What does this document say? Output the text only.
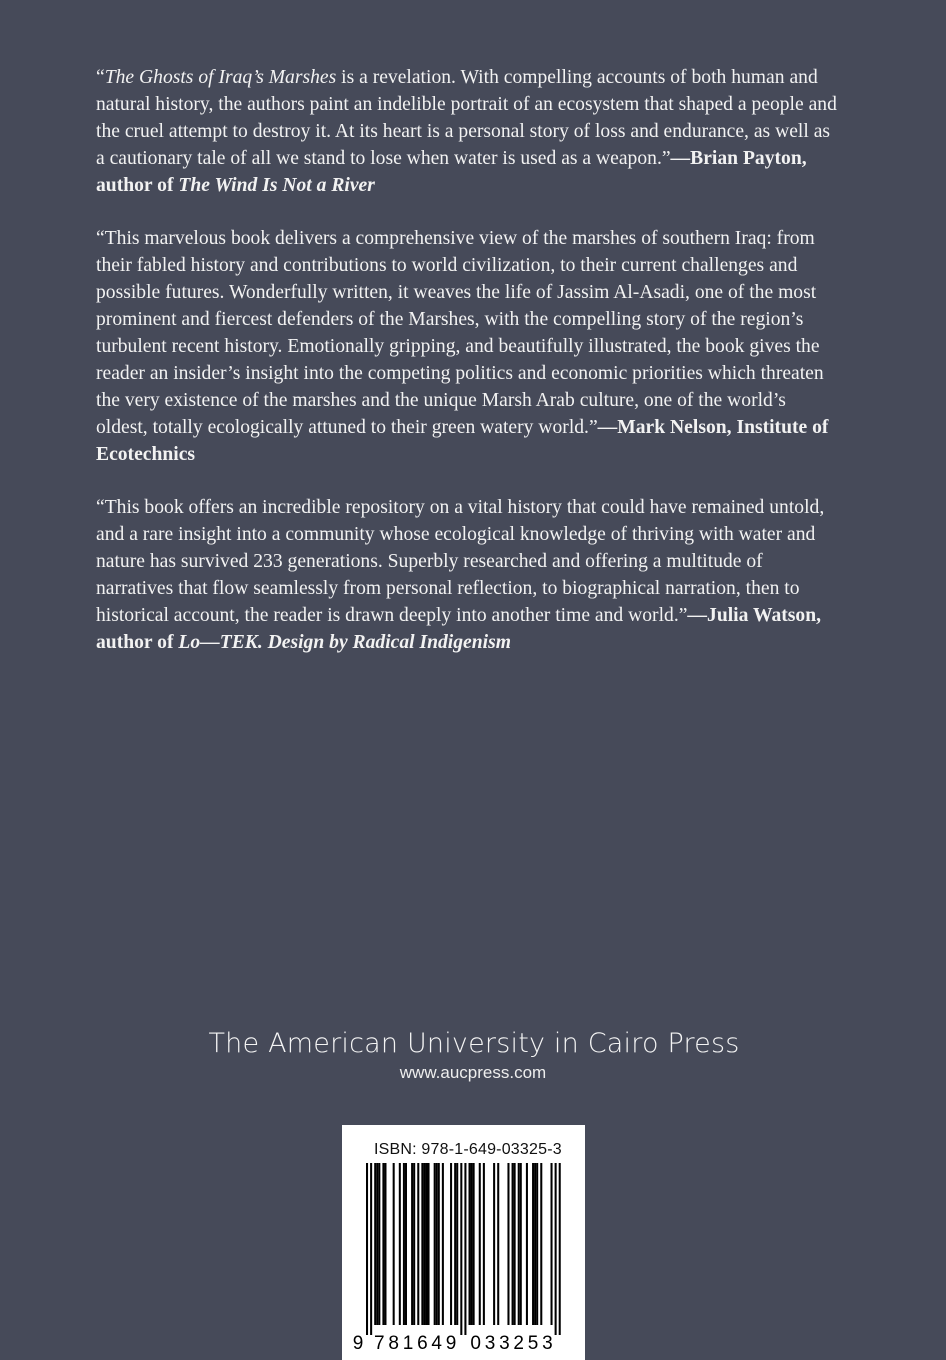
“The Ghosts of Iraq’s Marshes is a revelation. With compelling accounts of both human and natural history, the authors paint an indelible portrait of an ecosystem that shaped a people and the cruel attempt to destroy it. At its heart is a personal story of loss and endurance, as well as a cautionary tale of all we stand to lose when water is used as a weapon.”—Brian Payton, author of The Wind Is Not a River

“This marvelous book delivers a comprehensive view of the marshes of southern Iraq: from their fabled history and contributions to world civilization, to their current challenges and possible futures. Wonderfully written, it weaves the life of Jassim Al-Asadi, one of the most prominent and fiercest defenders of the Marshes, with the compelling story of the region’s turbulent recent history. Emotionally gripping, and beautifully illustrated, the book gives the reader an insider’s insight into the competing politics and economic priorities which threaten the very existence of the marshes and the unique Marsh Arab culture, one of the world’s oldest, totally ecologically attuned to their green watery world.”—Mark Nelson, Institute of Ecotechnics

“This book offers an incredible repository on a vital history that could have remained untold, and a rare insight into a community whose ecological knowledge of thriving with water and nature has survived 233 generations. Superbly researched and offering a multitude of narratives that flow seamlessly from personal reflection, to biographical narration, then to historical account, the reader is drawn deeply into another time and world.”—Julia Watson, author of Lo—TEK. Design by Radical Indigenism

The American University in Cairo Press
www.aucpress.com
ISBN: 978-1-649-03325-3
9 7 8 1 6 4 9 0 3 3 2 5 3
